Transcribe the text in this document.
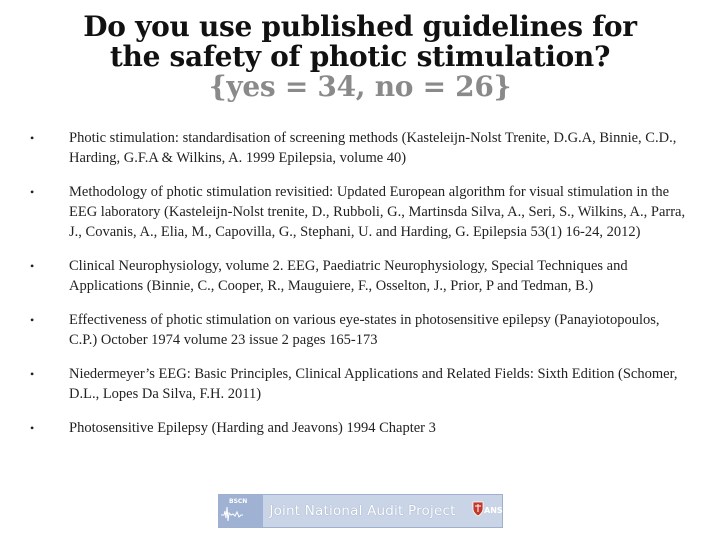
Do you use published guidelines for
the safety of photic stimulation?
{yes = 34, no = 26}
• Photic stimulation: standardisation of screening methods (Kasteleijn-Nolst Trenite, D.G.A, Binnie, C.D., Harding, G.F.A & Wilkins, A. 1999 Epilepsia, volume 40)
• Methodology of photic stimulation revisitied: Updated European algorithm for visual stimulation in the EEG laboratory (Kasteleijn-Nolst trenite, D., Rubboli, G., Martinsda Silva, A., Seri, S., Wilkins, A., Parra, J., Covanis, A., Elia, M., Capovilla, G., Stephani, U. and Harding, G. Epilepsia 53(1) 16-24, 2012)
• Clinical Neurophysiology, volume 2. EEG, Paediatric Neurophysiology, Special Techniques and Applications (Binnie, C., Cooper, R., Mauguiere, F., Osselton, J., Prior, P and Tedman, B.)
• Effectiveness of photic stimulation on various eye-states in photosensitive epilepsy (Panayiotopoulos, C.P.) October 1974 volume 23 issue 2 pages 165-173
• Niedermeyer’s EEG: Basic Principles, Clinical Applications and Related Fields: Sixth Edition (Schomer, D.L., Lopes Da Silva, F.H. 2011)
• Photosensitive Epilepsy (Harding and Jeavons) 1994 Chapter 3
BSCN
Joint National Audit Project	ANS
